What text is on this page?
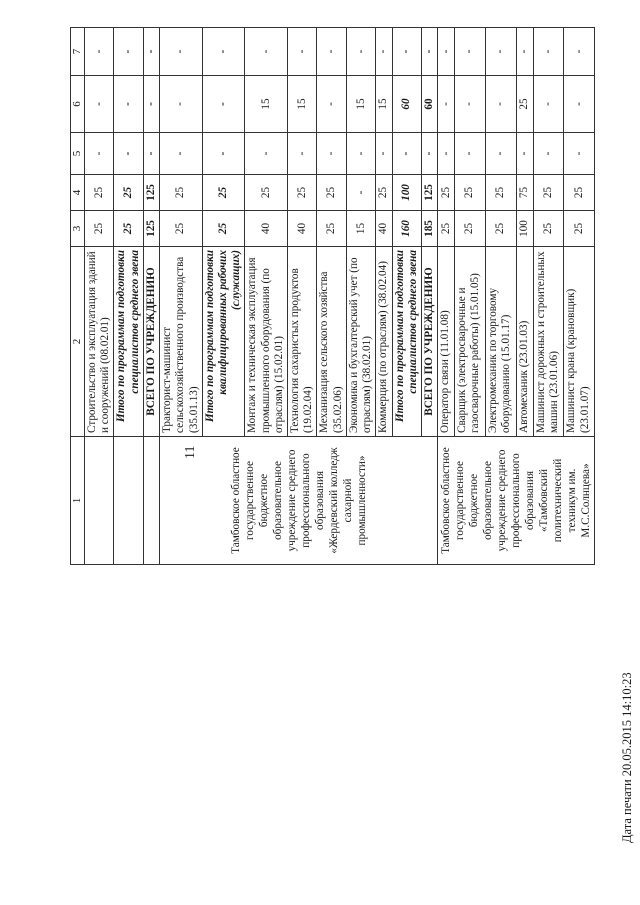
11
1	2	3	4	5	6	7
	Строительство и эксплуатация зданий и сооружений (08.02.01)	25	25	-	-	-
	Итого по программам подготовки специалистов среднего звена	25	25	-	-	-
	ВСЕГО ПО УЧРЕЖДЕНИЮ	125	125	-	-	-
Тамбовское областное государственное бюджетное образовательное учреждение среднего профессионального образования «Жердевский колледж сахарной промышленности»	Тракторист-машинист сельскохозяйственного производства (35.01.13)	25	25	-	-	-
	Итого по программам подготовки квалифицированных рабочих (служащих)	25	25	-	-	-
	Монтаж и техническая эксплуатация промышленного оборудования (по отраслям) (15.02.01)	40	25	-	15	-
	Технология сахаристых продуктов (19.02.04)	40	25	-	15	-
	Механизация сельского хозяйства (35.02.06)	25	25	-	-	-
	Экономика и бухгалтерский учет (по отраслям) (38.02.01)	15	-	-	15	-
	Коммерция (по отраслям) (38.02.04)	40	25	-	15	-
	Итого по программам подготовки специалистов среднего звена	160	100	-	60	-
	ВСЕГО ПО УЧРЕЖДЕНИЮ	185	125	-	60	-
Тамбовское областное государственное бюджетное образовательное учреждение среднего профессионального образования «Тамбовский политехнический техникум им. М.С.Солнцева»	Оператор связи (11.01.08)	25	25	-	-	-
	Сварщик (электросварочные и газосварочные работы) (15.01.05)	25	25	-	-	-
	Электромеханик по торговому оборудованию (15.01.17)	25	25	-	-	-
	Автомеханик (23.01.03)	100	75	-	25	-
	Машинист дорожных и строительных машин (23.01.06)	25	25	-	-	-
	Машинист крана (крановщик) (23.01.07)	25	25	-	-	-
Дата печати 20.05.2015 14:10:23
